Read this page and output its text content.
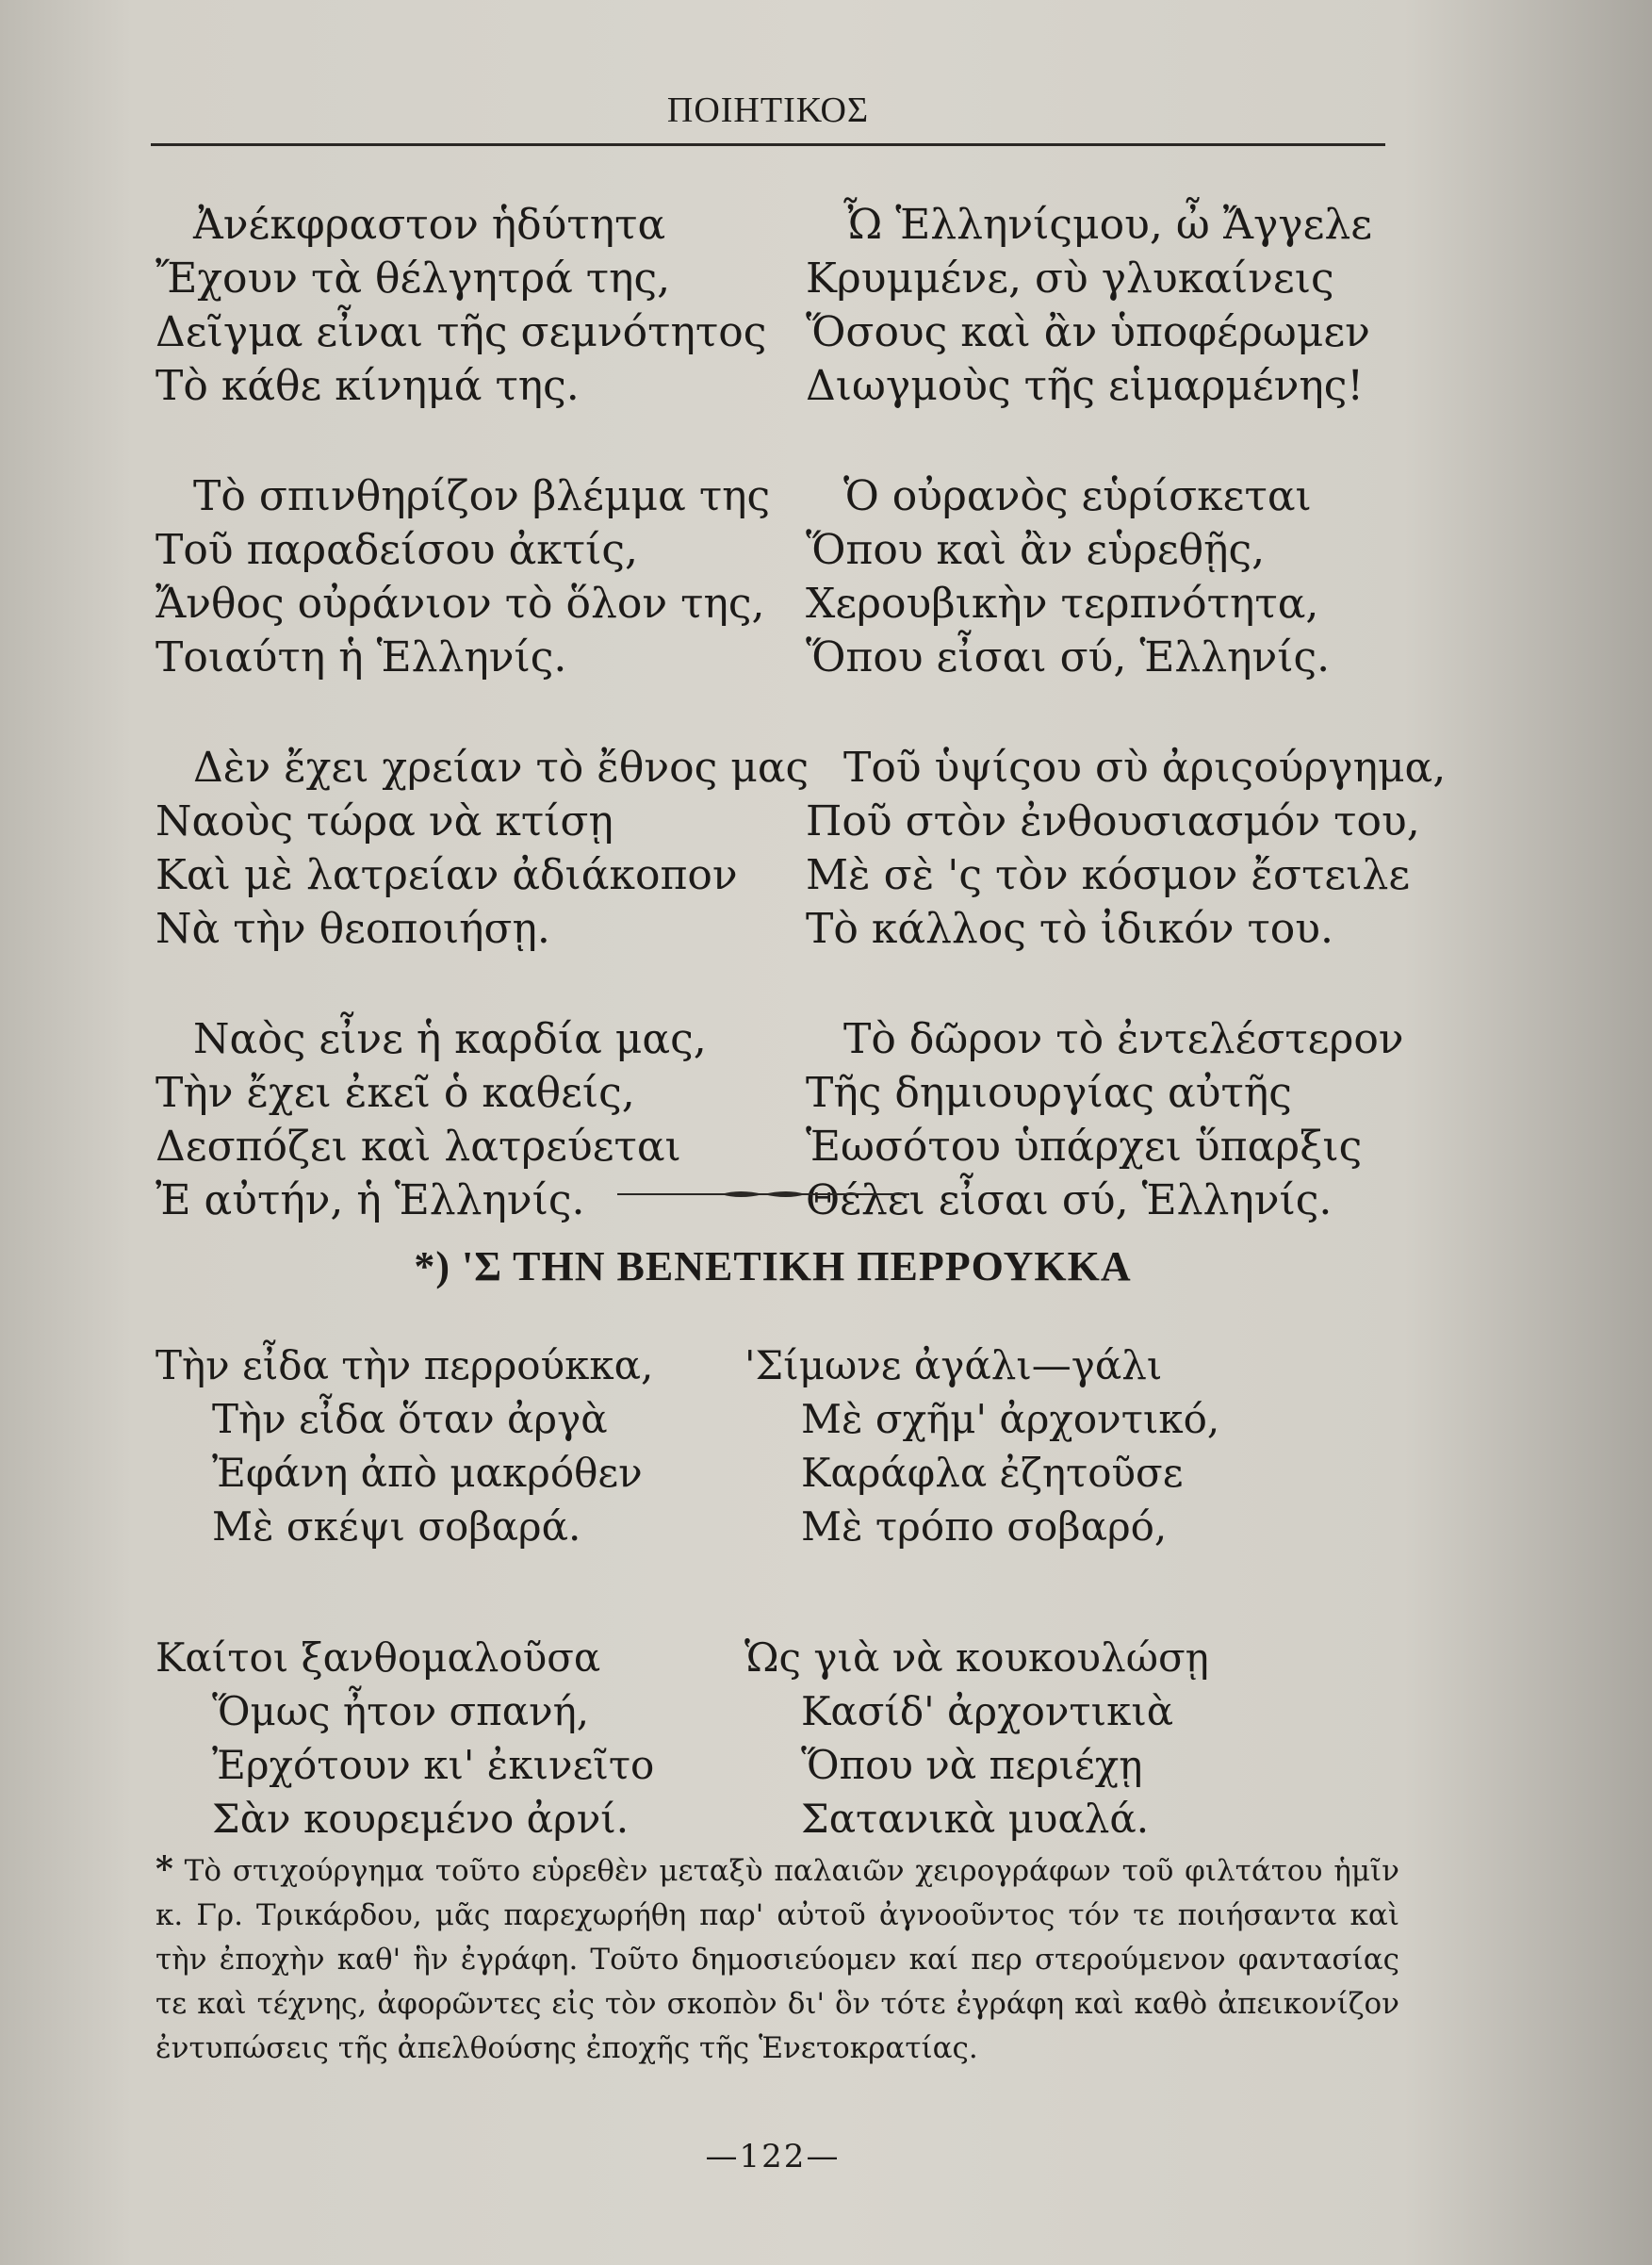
ΠΟΙΗΤΙΚΟΣ
Ἀνέκφραστον ἡδύτητα
Ἔχουν τὰ θέλγητρά της,
Δεῖγμα εἶναι τῆς σεμνότητος
Τὸ κάθε κίνημά της.
Τὸ σπινθηρίζον βλέμμα της
Τοῦ παραδείσου ἀκτίς,
Ἄνθος οὐράνιον τὸ ὅλον της,
Τοιαύτη ἡ Ἑλληνίς.
Δὲν ἔχει χρείαν τὸ ἔθνος μας
Ναοὺς τώρα νὰ κτίσῃ
Καὶ μὲ λατρείαν ἀδιάκοπον
Νὰ τὴν θεοποιήσῃ.
Ναὸς εἶνε ἡ καρδία μας,
Τὴν ἔχει ἐκεῖ ὁ καθείς,
Δεσπόζει καὶ λατρεύεται
Ἐ αὐτήν, ἡ Ἑλληνίς.
Ὦ Ἑλληνίςμου, ὦ Ἄγγελε
Κρυμμένε, σὺ γλυκαίνεις
Ὅσους καὶ ἂν ὑποφέρωμεν
Διωγμοὺς τῆς εἱμαρμένης!
Ὁ οὐρανὸς εὑρίσκεται
Ὅπου καὶ ἂν εὑρεθῇς,
Χερουβικὴν τερπνότητα,
Ὅπου εἶσαι σύ, Ἑλληνίς.
Τοῦ ὑψίςου σὺ ἀριςούργημα,
Ποῦ στὸν ἐνθουσιασμόν του,
Μὲ σὲ 'ς τὸν κόσμον ἔστειλε
Τὸ κάλλος τὸ ἰδικόν του.
Τὸ δῶρον τὸ ἐντελέστερον
Τῆς δημιουργίας αὐτῆς
Ἑωσότου ὑπάρχει ὕπαρξις
Θέλει εἶσαι σύ, Ἑλληνίς.
*) 'Σ ΤΗΝ ΒΕΝΕΤΙΚΗ ΠΕΡΡΟΥΚΚΑ
Τὴν εἶδα τὴν περρούκκα,
Τὴν εἶδα ὅταν ἀργὰ
Ἐφάνη ἀπὸ μακρόθεν
Μὲ σκέψι σοβαρά.
Καίτοι ξανθομαλοῦσα
Ὅμως ἦτον σπανή,
Ἐρχότουν κι' ἐκινεῖτο
Σὰν κουρεμένο ἀρνί.
'Σίμωνε ἀγάλι—γάλι
Μὲ σχῆμ' ἀρχοντικό,
Καράφλα ἐζητοῦσε
Μὲ τρόπο σοβαρό,
Ὡς γιὰ νὰ κουκουλώσῃ
Κασίδ' ἀρχοντικιὰ
Ὅπου νὰ περιέχῃ
Σατανικὰ μυαλά.
* Τὸ στιχούργημα τοῦτο εὑρεθὲν μεταξὺ παλαιῶν χειρογράφων τοῦ φιλτάτου ἡμῖν κ. Γρ. Τρικάρδου, μᾶς παρεχωρήθη παρ' αὐτοῦ ἀγνοοῦντος τόν τε ποιήσαντα καὶ τὴν ἐποχὴν καθ' ἣν ἐγράφη. Τοῦτο δημοσιεύομεν καί περ στερούμενον φαντασίας τε καὶ τέχνης, ἀφορῶντες εἰς τὸν σκοπὸν δι' ὃν τότε ἐγράφη καὶ καθὸ ἀπεικονίζον ἐντυπώσεις τῆς ἀπελθούσης ἐποχῆς τῆς Ἑνετοκρατίας.
—122—
